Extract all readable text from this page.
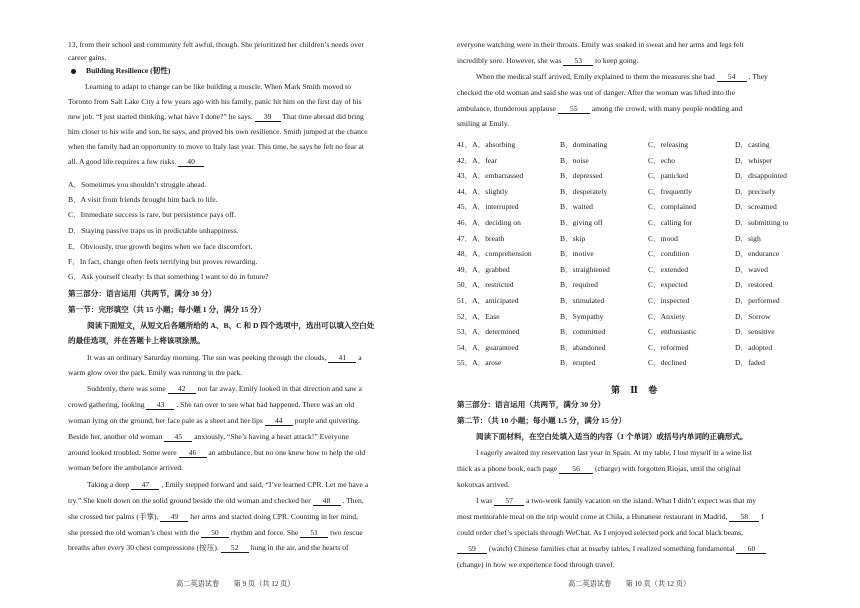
13, from their school and community felt awful, though. She prioritized her children’s needs over
career gains.
Building Resilience (韧性)
Learning to adapt to change can be like building a muscle. When Mark Smith moved to
Toronto from Salt Lake City a few years ago with his family, panic hit him on the first day of his
new job. “I just started thinking, what have I done?” he says. 39 That time abroad did bring
him closer to his wife and son, he says, and proved his own resilience. Smith jumped at the chance
when the family had an opportunity to move to Italy last year. This time, he says he felt no fear at
all. A good life requires a few risks. 40
A．Sometimes you shouldn’t struggle ahead.
B．A visit from friends brought him back to life.
C．Immediate success is rare, but persistence pays off.
D．Staying passive traps us in predictable unhappiness.
E．Obviously, true growth begins when we face discomfort.
F．In fact, change often feels terrifying but proves rewarding.
G．Ask yourself clearly: Is that something I want to do in future?
第三部分：语言运用（共两节，满分 30 分）
第一节：完形填空（共 15 小题；每小题 1 分，满分 15 分）
阅读下面短文，从短文后各题所给的 A、B、C 和 D 四个选项中，选出可以填入空白处
的最佳选项，并在答题卡上将该项涂黑。
It was an ordinary Saturday morning. The sun was peeking through the clouds, 41 a
warm glow over the park. Emily was running in the park.
Suddenly, there was some 42 not far away. Emily looked in that direction and saw a
crowd gathering, looking 43 . She ran over to see what had happened. There was an old
woman lying on the ground, her face pale as a sheet and her lips 44 purple and quivering.
Beside her, another old woman 45 anxiously, “She’s having a heart attack!” Everyone
around looked troubled. Some were 46 an ambulance, but no one knew how to help the old
woman before the ambulance arrived.
Taking a deep 47 , Emily stepped forward and said, “I’ve learned CPR. Let me have a
try.” She knelt down on the solid ground beside the old woman and checked her 48 . Then,
she crossed her palms (手掌), 49 her arms and started doing CPR. Counting in her mind,
she pressed the old woman’s chest with the 50 rhythm and force. She 51 two rescue
breaths after every 30 chest compressions (按压). 52 hung in the air, and the hearts of
高二英语试卷　　第 9 页（共 12 页）
everyone watching were in their throats. Emily was soaked in sweat and her arms and legs felt
incredibly sore. However, she was 53 to keep going.
When the medical staff arrived, Emily explained to them the measures she had 54 . They
checked the old woman and said she was out of danger. After the woman was lifted into the
ambulance, thunderous applause 55 among the crowd, with many people nodding and
smiling at Emily.
41．A．absorbing	B．dominating	C．releasing	D．casting
42．A．fear	B．noise	C．echo	D．whisper
43．A．embarrassed	B．depressed	C．panicked	D．disappointed
44．A．slightly	B．desperately	C．frequently	D．precisely
45．A．interrupted	B．waited	C．complained	D．screamed
46．A．deciding on	B．giving off	C．calling for	D．submitting to
47．A．breath	B．skip	C．mood	D．sigh
48．A．comprehension	B．motive	C．condition	D．endurance
49．A．grabbed	B．straightened	C．extended	D．waved
50．A．restricted	B．required	C．expected	D．restored
51．A．anticipated	B．stimulated	C．inspected	D．performed
52．A．Ease	B．Sympathy	C．Anxiety	D．Sorrow
53．A．determined	B．committed	C．enthusiastic	D．sensitive
54．A．guaranteed	B．abandoned	C．reformed	D．adopted
55．A．arose	B．erupted	C．declined	D．faded
第 Ⅱ 卷
第三部分：语言运用（共两节，满分 30 分）
第二节：（共 10 小题；每小题 1.5 分，满分 15 分）
阅读下面材料，在空白处填入适当的内容（1 个单词）或括号内单词的正确形式。
I eagerly awaited my reservation last year in Spain. At my table, I lost myself in a wine list
thick as a phone book, each page 56 (charge) with forgotten Riojas, until the original
kokotxas arrived.
I was 57 a two-week family vacation on the island. What I didn’t expect was that my
most memorable meal on the trip would come at Chila, a Hunanese restaurant in Madrid, 58 I
could order chef’s specials through WeChat. As I enjoyed selected pork and local black beans,
59 (watch) Chinese families chat at nearby tables, I realized something fundamental 60
(change) in how we experience food through travel.
高二英语试卷　　第 10 页（共 12 页）
